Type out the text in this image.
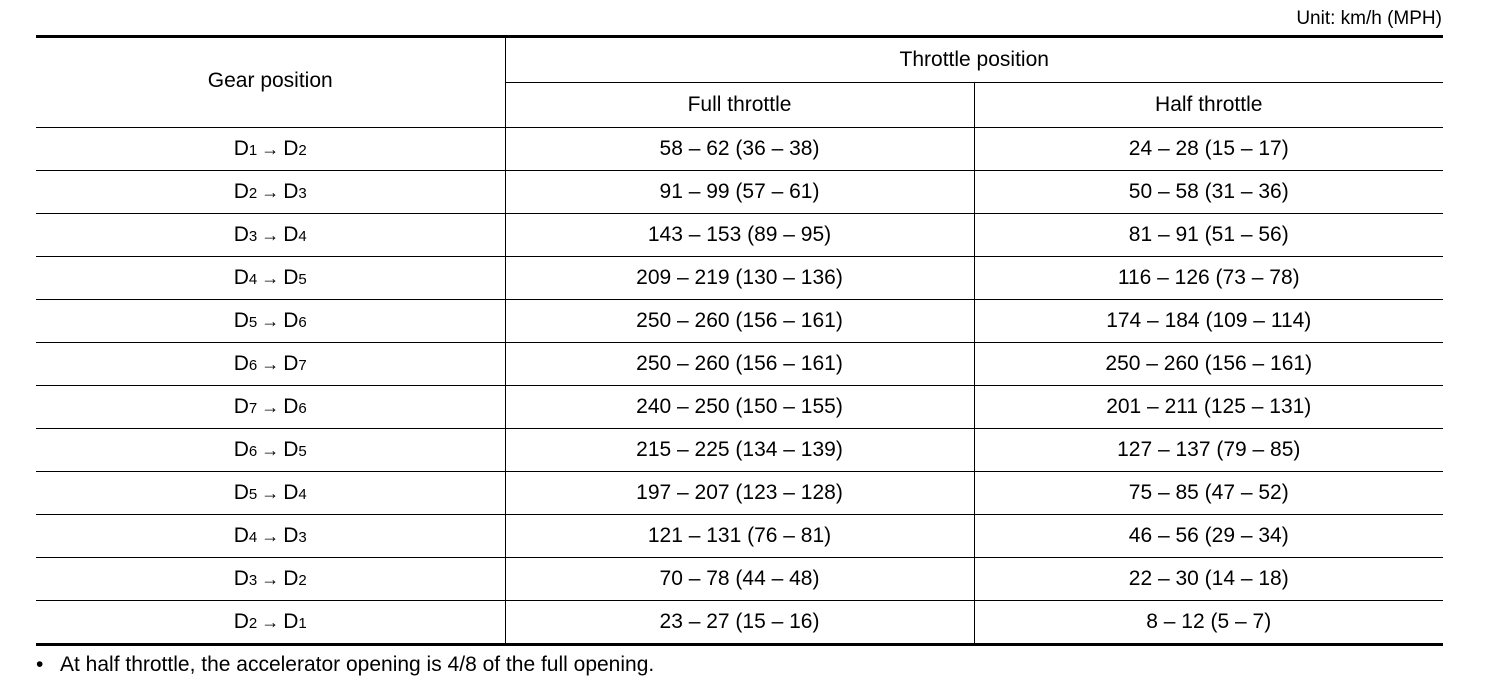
Unit: km/h (MPH)
Gear position	Throttle position	
	Full throttle	Half throttle
D1 → D2	58 – 62 (36 – 38)	24 – 28 (15 – 17)
D2 → D3	91 – 99 (57 – 61)	50 – 58 (31 – 36)
D3 → D4	143 – 153 (89 – 95)	81 – 91 (51 – 56)
D4 → D5	209 – 219 (130 – 136)	116 – 126 (73 – 78)
D5 → D6	250 – 260 (156 – 161)	174 – 184 (109 – 114)
D6 → D7	250 – 260 (156 – 161)	250 – 260 (156 – 161)
D7 → D6	240 – 250 (150 – 155)	201 – 211 (125 – 131)
D6 → D5	215 – 225 (134 – 139)	127 – 137 (79 – 85)
D5 → D4	197 – 207 (123 – 128)	75 – 85 (47 – 52)
D4 → D3	121 – 131 (76 – 81)	46 – 56 (29 – 34)
D3 → D2	70 – 78 (44 – 48)	22 – 30 (14 – 18)
D2 → D1	23 – 27 (15 – 16)	8 – 12 (5 – 7)
• At half throttle, the accelerator opening is 4/8 of the full opening.
